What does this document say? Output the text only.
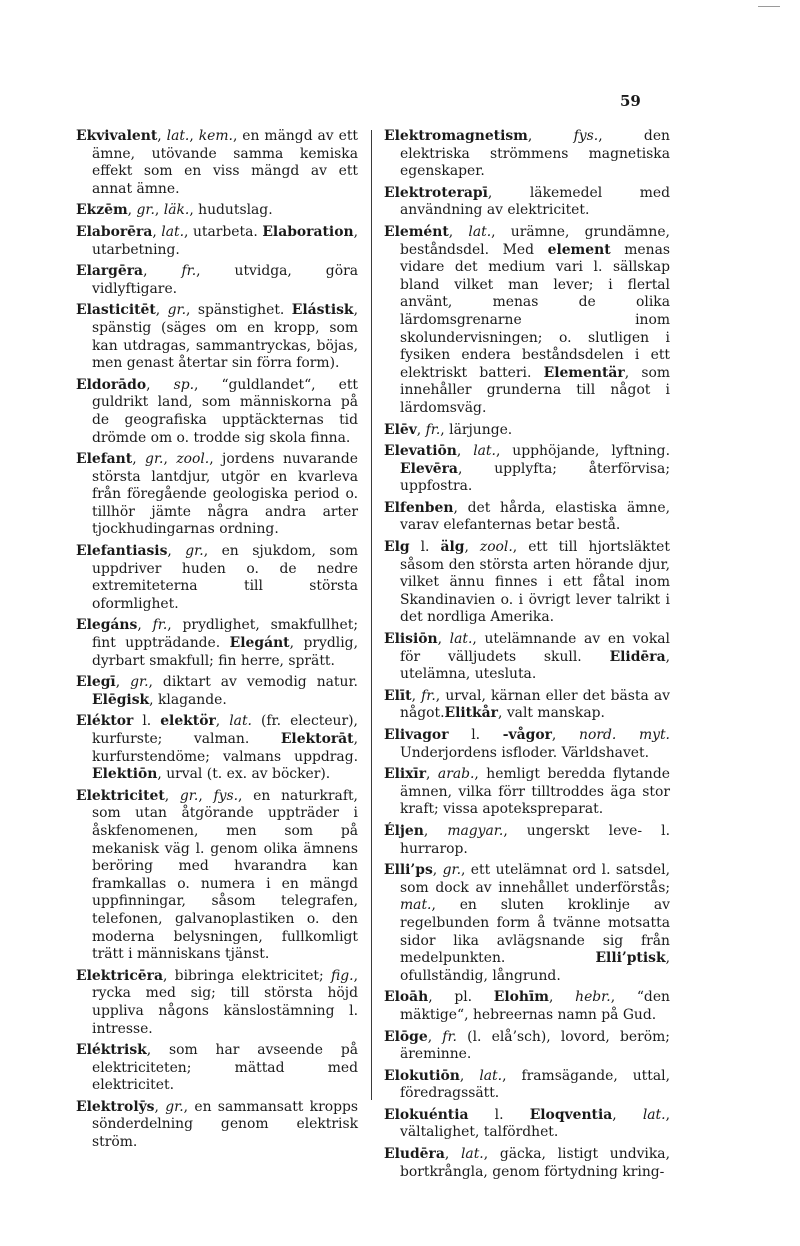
59

Ekvivalent, lat., kem., en mängd av ett ämne, utövande samma kemiska effekt som en viss mängd av ett annat ämne.

Ekzēm, gr., läk., hudutslag.

Elaborēra, lat., utarbeta. Elaboration, utarbetning.

Elargēra, fr., utvidga, göra vidlyftigare.

Elasticitēt, gr., spänstighet. Elástisk, spänstig (säges om en kropp, som kan utdragas, sammantryckas, böjas, men genast återtar sin förra form).

Eldorādo, sp., “guldlandet“, ett guldrikt land, som människorna på de geografiska upptäckternas tid drömde om o. trodde sig skola finna.

Elefant, gr., zool., jordens nuvarande största lantdjur, utgör en kvarleva från föregående geologiska period o. tillhör jämte några andra arter tjockhudingarnas ordning.

Elefantiasis, gr., en sjukdom, som uppdriver huden o. de nedre extremiteterna till största oformlighet.

Elegáns, fr., prydlighet, smakfullhet; fint uppträdande. Elegánt, prydlig, dyrbart smakfull; fin herre, sprätt.

Elegī, gr., diktart av vemodig natur. Elēgisk, klagande.

Eléktor l. elektör, lat. (fr. electeur), kurfurste; valman. Elektorāt, kurfurstendöme; valmans uppdrag. Elektiōn, urval (t. ex. av böcker).

Elektricitet, gr., fys., en naturkraft, som utan åtgörande uppträder i åskfenomenen, men som på mekanisk väg l. genom olika ämnens beröring med hvarandra kan framkallas o. numera i en mängd uppfinningar, såsom telegrafen, telefonen, galvanoplastiken o. den moderna belysningen, fullkomligt trätt i människans tjänst.

Elektricēra, bibringa elektricitet; fig., rycka med sig; till största höjd uppliva någons känslostämning l. intresse.

Eléktrisk, som har avseende på elektriciteten; mättad med elektricitet.

Elektrolȳs, gr., en sammansatt kropps sönderdelning genom elektrisk ström.

Elektromagnetism, fys., den elektriska strömmens magnetiska egenskaper.

Elektroterapī, läkemedel med användning av elektricitet.

Elemént, lat., urämne, grundämne, beståndsdel. Med element menas vidare det medium vari l. sällskap bland vilket man lever; i flertal använt, menas de olika lärdomsgrenarne inom skolundervisningen; o. slutligen i fysiken endera beståndsdelen i ett elektriskt batteri. Elementär, som innehåller grunderna till något i lärdomsväg.

Elēv, fr., lärjunge.

Elevatiōn, lat., upphöjande, lyftning. Elevēra, upplyfta; återförvisa; uppfostra.

Elfenben, det hårda, elastiska ämne, varav elefanternas betar bestå.

Elg l. älg, zool., ett till hjortsläktet såsom den största arten hörande djur, vilket ännu finnes i ett fåtal inom Skandinavien o. i övrigt lever talrikt i det nordliga Amerika.

Elisiōn, lat., utelämnande av en vokal för välljudets skull. Elidēra, utelämna, utesluta.

Elīt, fr., urval, kärnan eller det bästa av något.Elitkår, valt manskap.

Elivagor l. -vågor, nord. myt. Underjordens isfloder. Världshavet.

Elixīr, arab., hemligt beredda flytande ämnen, vilka förr tilltroddes äga stor kraft; vissa apotekspreparat.

Éljen, magyar., ungerskt leve- l. hurrarop.

Elli’ps, gr., ett utelämnat ord l. satsdel, som dock av innehållet underförstås; mat., en sluten kroklinje av regelbunden form å tvänne motsatta sidor lika avlägsnande sig från medelpunkten. Elli’ptisk, ofullständig, långrund.

Eloāh, pl. Elohīm, hebr., “den mäktige“, hebreernas namn på Gud.

Elōge, fr. (l. elå’sch), lovord, beröm; äreminne.

Elokutiōn, lat., framsägande, uttal, föredragssätt.

Elokuéntia l. Eloqventia, lat., vältalighet, talfördhet.

Eludēra, lat., gäcka, listigt undvika, bortkrångla, genom förtydning kring-
